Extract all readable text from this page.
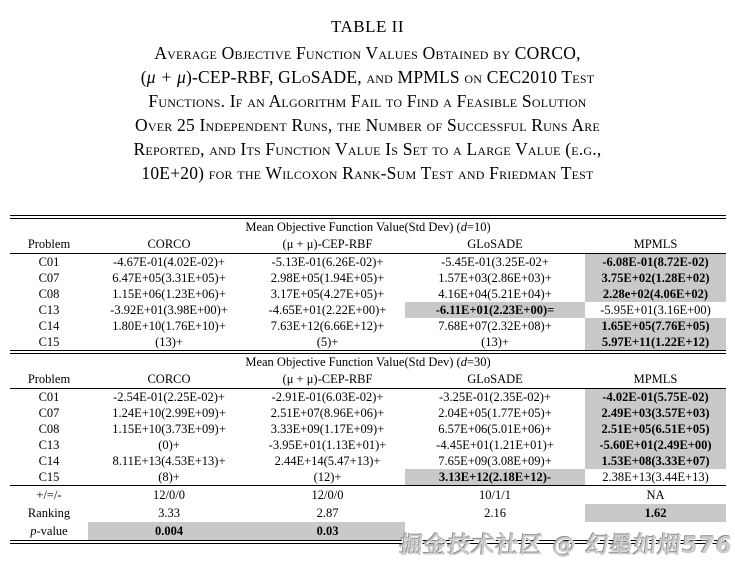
TABLE II
Average Objective Function Values Obtained by CORCO,
(μ + μ)-CEP-RBF, GLoSADE, and MPMLS on CEC2010 Test
Functions. If an Algorithm Fail to Find a Feasible Solution
Over 25 Independent Runs, the Number of Successful Runs Are
Reported, and Its Function Value Is Set to a Large Value (e.g.,
10E+20) for the Wilcoxon Rank-Sum Test and Friedman Test
Mean Objective Function Value(Std Dev) (d=10)				
Problem	CORCO	(μ + μ)-CEP-RBF	GLoSADE	MPMLS
C01	-4.67E-01(4.02E-02)+	-5.13E-01(6.26E-02)+	-5.45E-01(3.25E-02+	-6.08E-01(8.72E-02)
C07	6.47E+05(3.31E+05)+	2.98E+05(1.94E+05)+	1.57E+03(2.86E+03)+	3.75E+02(1.28E+02)
C08	1.15E+06(1.23E+06)+	3.17E+05(4.27E+05)+	4.16E+04(5.21E+04)+	2.28e+02(4.06E+02)
C13	-3.92E+01(3.98E+00)+	-4.65E+01(2.22E+00)+	-6.11E+01(2.23E+00)=	-5.95E+01(3.16E+00)
C14	1.80E+10(1.76E+10)+	7.63E+12(6.66E+12)+	7.68E+07(2.32E+08)+	1.65E+05(7.76E+05)
C15	(13)+	(5)+	(13)+	5.97E+11(1.22E+12)
Mean Objective Function Value(Std Dev) (d=30)				
Problem	CORCO	(μ + μ)-CEP-RBF	GLoSADE	MPMLS
C01	-2.54E-01(2.25E-02)+	-2.91E-01(6.03E-02)+	-3.25E-01(2.35E-02)+	-4.02E-01(5.75E-02)
C07	1.24E+10(2.99E+09)+	2.51E+07(8.96E+06)+	2.04E+05(1.77E+05)+	2.49E+03(3.57E+03)
C08	1.15E+10(3.73E+09)+	3.33E+09(1.17E+09)+	6.57E+06(5.01E+06)+	2.51E+05(6.51E+05)
C13	(0)+	-3.95E+01(1.13E+01)+	-4.45E+01(1.21E+01)+	-5.60E+01(2.49E+00)
C14	8.11E+13(4.53E+13)+	2.44E+14(5.47+13)+	7.65E+09(3.08E+09)+	1.53E+08(3.33E+07)
C15	(8)+	(12)+	3.13E+12(2.18E+12)-	2.38E+13(3.44E+13)
+/=/-	12/0/0	12/0/0	10/1/1	NA
Ranking	3.33	2.87	2.16	1.62
p-value	0.004	0.03		
掘金技术社区 @ 幻墨如烟576
